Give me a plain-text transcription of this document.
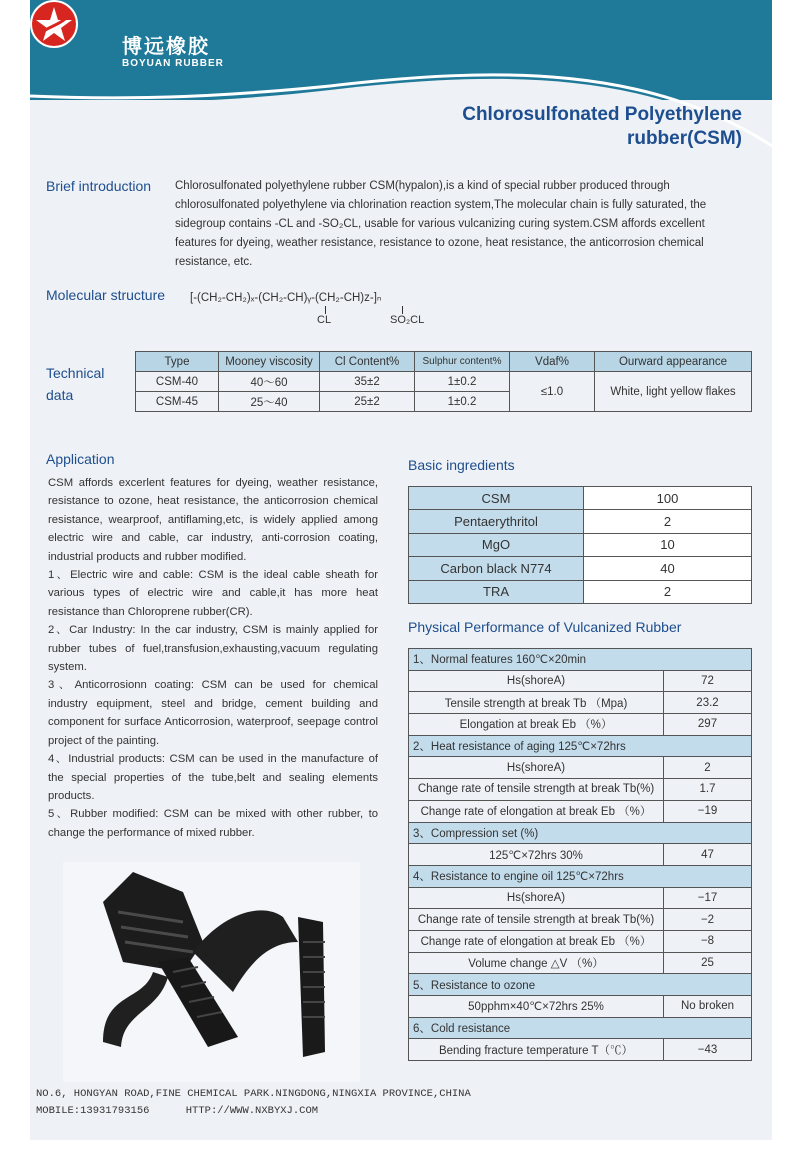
博远橡胶
BOYUAN RUBBER
Chlorosulfonated Polyethylene
rubber(CSM)
Brief introduction Chlorosulfonated polyethylene rubber CSM(hypalon),is a kind of special rubber produced through chlorosulfonated polyethylene via chlorination reaction system,The molecular chain is fully saturated, the sidegroup contains -CL and -SO₂CL, usable for various vulcanizing curing system.CSM affords excellent features for dyeing, weather resistance, resistance to ozone, heat resistance, the anticorrosion chemical resistance, etc.
Molecular structure [-(CH₂-CH₂)ₓ-(CH₂-CH)ᵧ-(CH₂-CH)z-]ₙ
CL	SO₂CL
Technical
data
Type	Mooney viscosity	Cl Content%	Sulphur content%	Vdaf%	Ourward appearance
CSM-40	40～60	35±2	1±0.2	≤1.0	White, light yellow flakes
CSM-45	25～40	25±2	1±0.2		
Application

CSM affords excerlent features for dyeing, weather resistance, resistance to ozone, heat resistance, the anticorrosion chemical resistance, wearproof, antiflaming,etc, is widely applied among electric wire and cable, car industry, anti-corrosion coating, industrial products and rubber modified.

1、Electric wire and cable: CSM is the ideal cable sheath for various types of electric wire and cable,it has more heat resistance than Chloroprene rubber(CR).

2、Car Industry: In the car industry, CSM is mainly applied for rubber tubes of fuel,transfusion,exhausting,vacuum regulating system.

3、Anticorrosionn coating: CSM can be used for chemical industry equipment, steel and bridge, cement building and component for surface Anticorrosion, waterproof, seepage control project of the painting.

4、Industrial products: CSM can be used in the manufacture of the special properties of the tube,belt and sealing elements products.

5、Rubber modified: CSM can be mixed with other rubber, to change the performance of mixed rubber.

Basic ingredients
CSM	100
Pentaerythritol	2
MgO	10
Carbon black N774	40
TRA	2
Physical Performance of Vulcanized Rubber
1、Normal features 160℃×20min	
Hs(shoreA)	72
Tensile strength at break Tb （Mpa)	23.2
Elongation at break Eb （%）	297
2、Heat resistance of aging 125℃×72hrs	
Hs(shoreA)	2
Change rate of tensile strength at break Tb(%)	1.7
Change rate of elongation at break Eb （%）	−19
3、Compression set (%)	
125℃×72hrs 30%	47
4、Resistance to engine oil 125℃×72hrs	
Hs(shoreA)	−17
Change rate of tensile strength at break Tb(%)	−2
Change rate of elongation at break Eb （%）	−8
Volume change △V （%）	25
5、Resistance to ozone	
50pphm×40℃×72hrs 25%	No broken
6、Cold resistance	
Bending fracture temperature T（℃）	−43
NO.6, HONGYAN ROAD,FINE CHEMICAL PARK.NINGDONG,NINGXIA PROVINCE,CHINA
MOBILE:13931793156	HTTP://WWW.NXBYXJ.COM
